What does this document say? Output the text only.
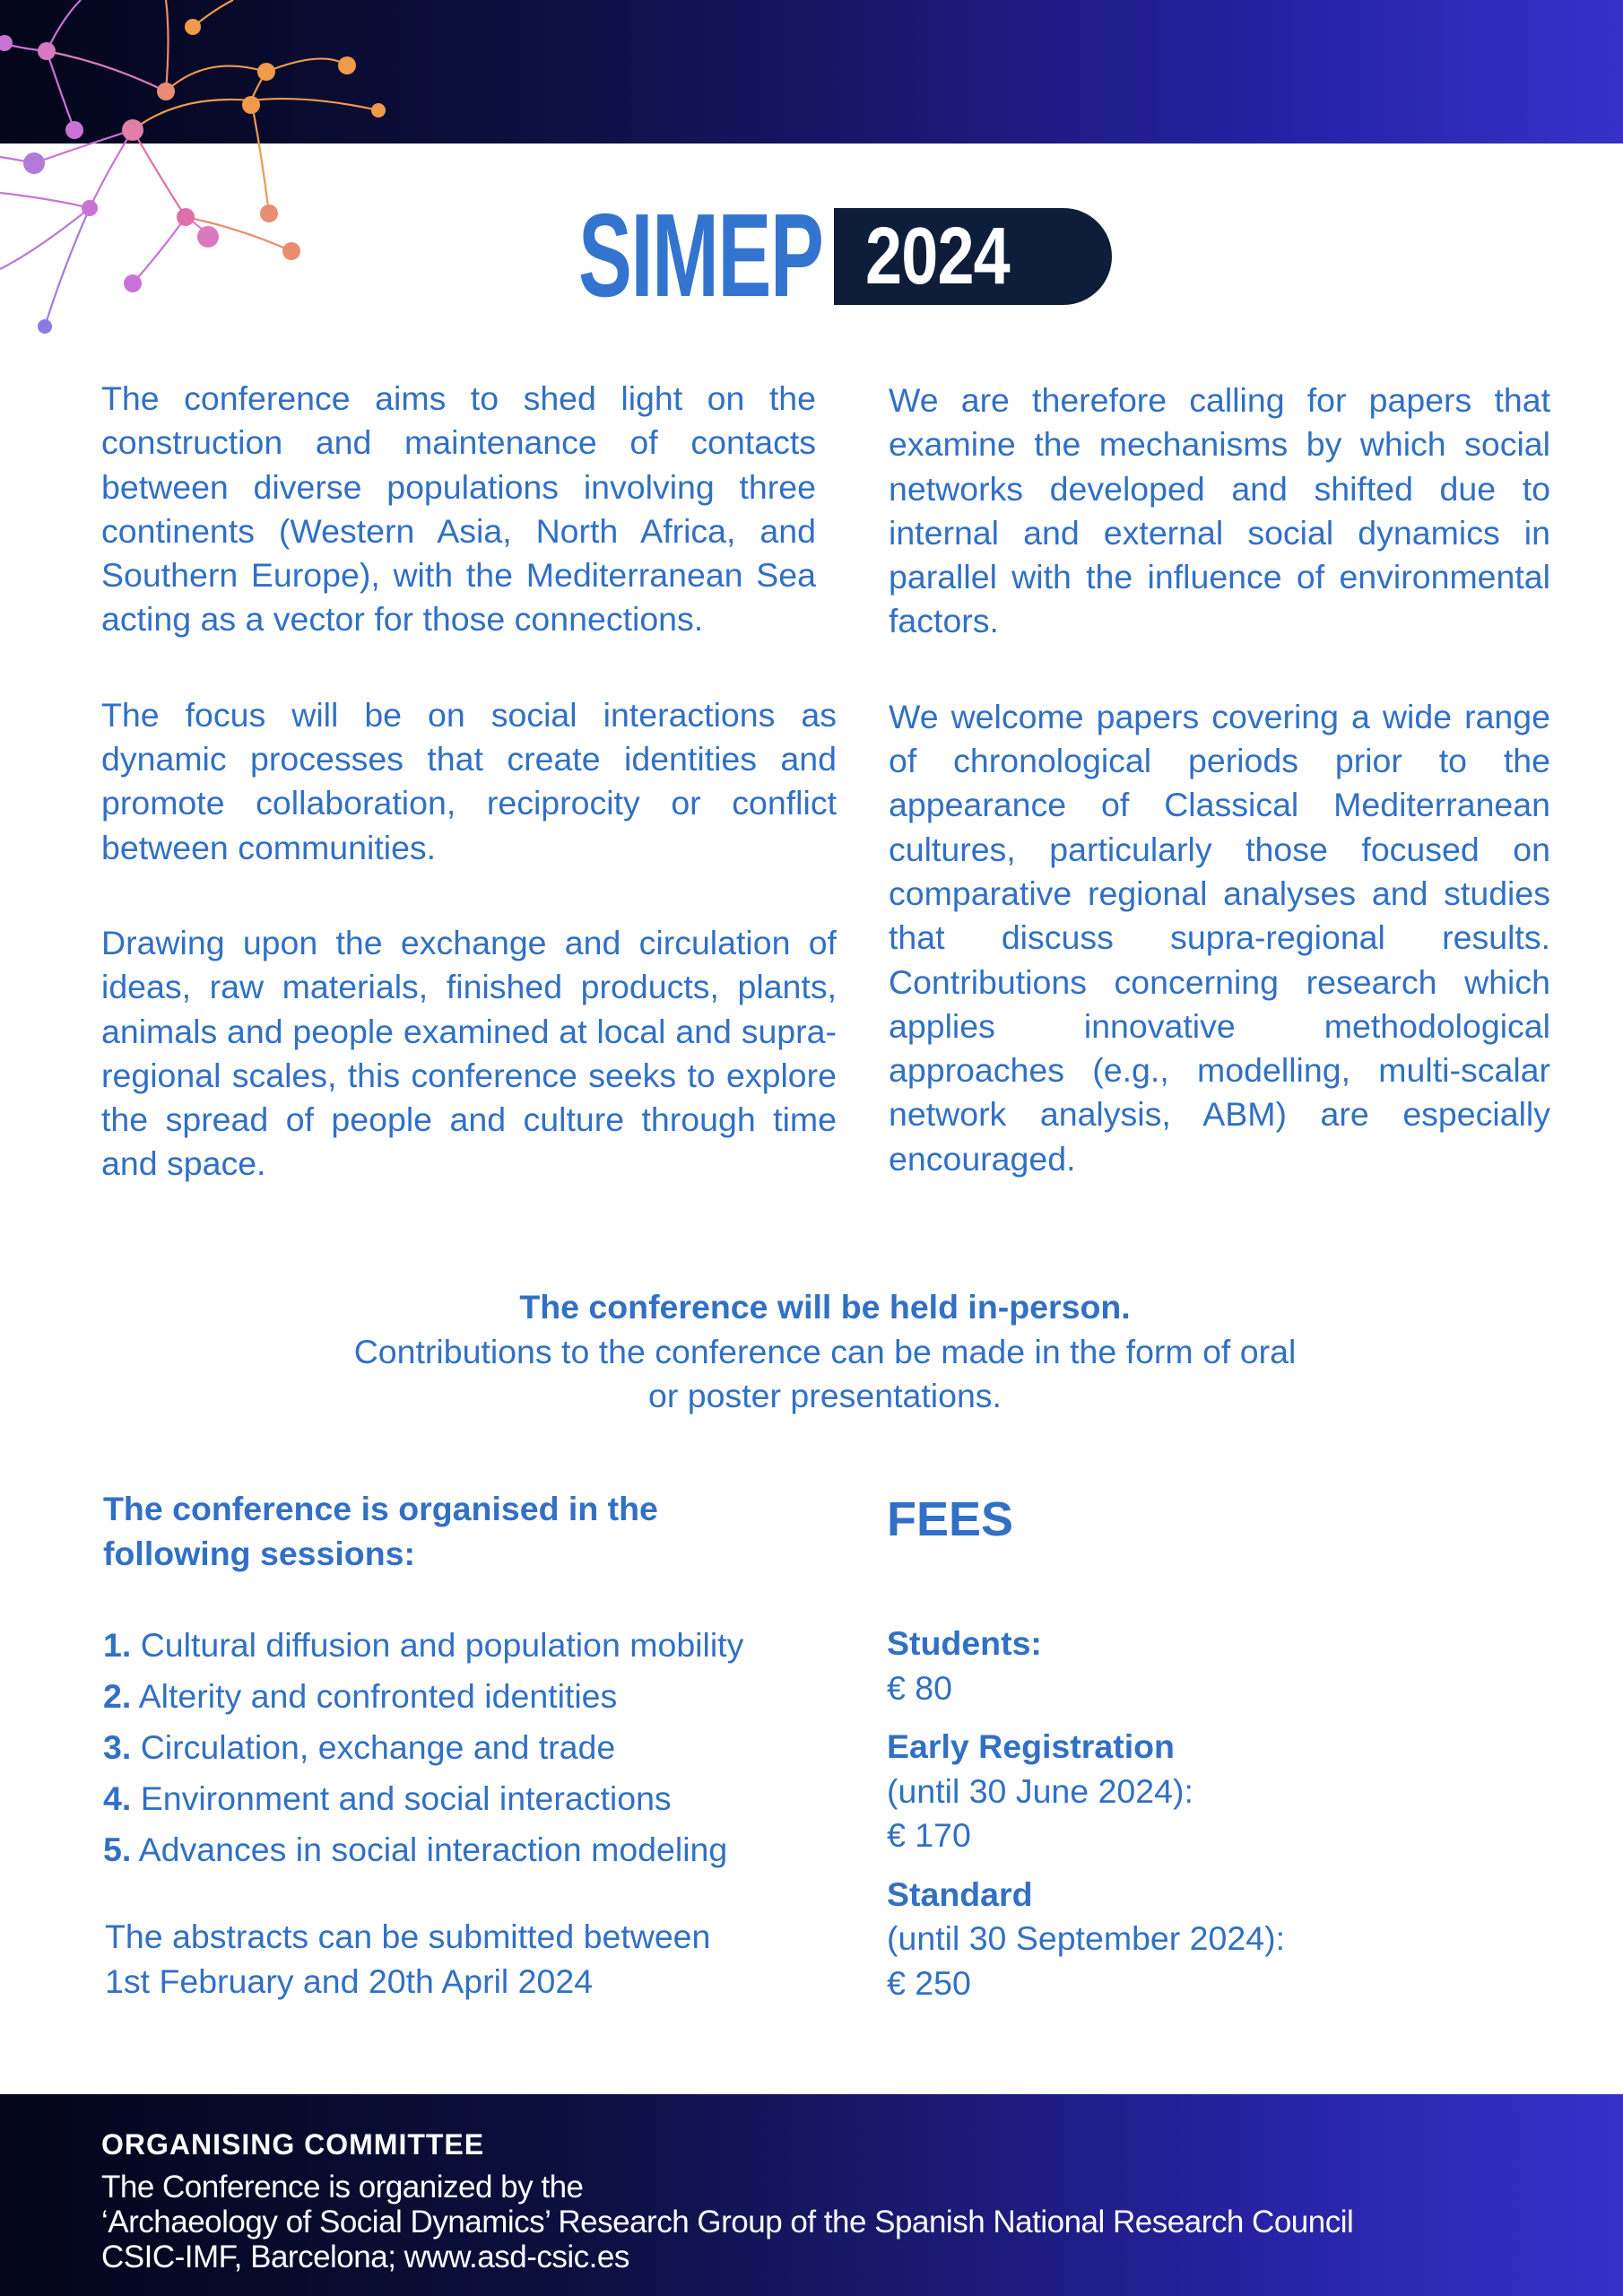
SIMEP 2024

The conference aims to shed light on the construction and maintenance of contacts between diverse populations involving three continents (Western Asia, North Africa, and Southern Europe), with the Mediterranean Sea acting as a vector for those connections.

The focus will be on social interactions as dynamic processes that create identities and promote collaboration, reciprocity or conflict between communities.

Drawing upon the exchange and circulation of ideas, raw materials, finished products, plants, animals and people examined at local and supra-regional scales, this conference seeks to explore the spread of people and culture through time and space.

We are therefore calling for papers that examine the mechanisms by which social networks developed and shifted due to internal and external social dynamics in parallel with the influence of environmental factors.

We welcome papers covering a wide range of chronological periods prior to the appearance of Classical Mediterranean cultures, particularly those focused on comparative regional analyses and studies that discuss supra-regional results. Contributions concerning research which applies innovative methodological approaches (e.g., modelling, multi-scalar network analysis, ABM) are especially encouraged.

The conference will be held in-person.
Contributions to the conference can be made in the form of oral
or poster presentations.
The conference is organised in the
following sessions:
1. Cultural diffusion and population mobility
2. Alterity and confronted identities
3. Circulation, exchange and trade
4. Environment and social interactions
5. Advances in social interaction modeling
The abstracts can be submitted between
1st February and 20th April 2024
FEES
Students:
€ 80
Early Registration
(until 30 June 2024):
€ 170
Standard
(until 30 September 2024):
€ 250
ORGANISING COMMITTEE
The Conference is organized by the
‘Archaeology of Social Dynamics’ Research Group of the Spanish National Research Council
CSIC-IMF, Barcelona; www.asd-csic.es
